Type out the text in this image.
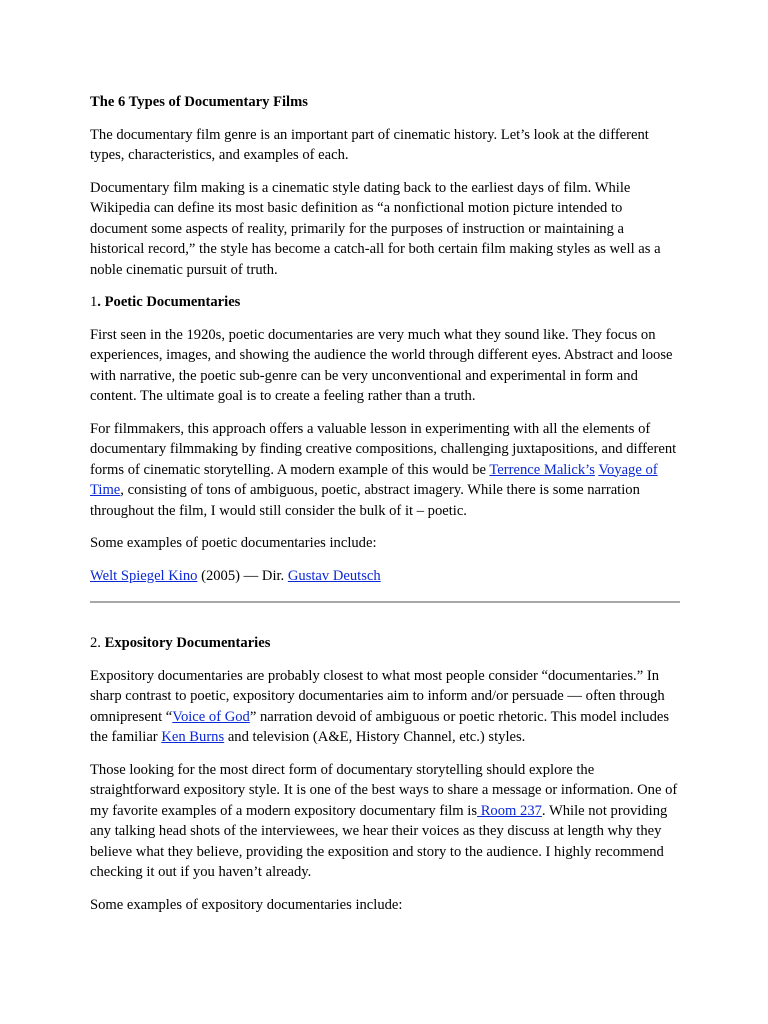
The 6 Types of Documentary Films

The documentary film genre is an important part of cinematic history. Let’s look at the different types, characteristics, and examples of each.

Documentary film making is a cinematic style dating back to the earliest days of film. While Wikipedia can define its most basic definition as “a nonfictional motion picture intended to document some aspects of reality, primarily for the purposes of instruction or maintaining a historical record,” the style has become a catch-all for both certain film making styles as well as a noble cinematic pursuit of truth.

1. Poetic Documentaries

First seen in the 1920s, poetic documentaries are very much what they sound like. They focus on experiences, images, and showing the audience the world through different eyes. Abstract and loose with narrative, the poetic sub-genre can be very unconventional and experimental in form and content. The ultimate goal is to create a feeling rather than a truth.

For filmmakers, this approach offers a valuable lesson in experimenting with all the elements of documentary filmmaking by finding creative compositions, challenging juxtapositions, and different forms of cinematic storytelling. A modern example of this would be Terrence Malick’s Voyage of Time, consisting of tons of ambiguous, poetic, abstract imagery. While there is some narration throughout the film, I would still consider the bulk of it – poetic.

Some examples of poetic documentaries include:

Welt Spiegel Kino (2005) — Dir. Gustav Deutsch

2. Expository Documentaries

Expository documentaries are probably closest to what most people consider “documentaries.” In sharp contrast to poetic, expository documentaries aim to inform and/or persuade — often through omnipresent “Voice of God” narration devoid of ambiguous or poetic rhetoric. This model includes the familiar Ken Burns and television (A&E, History Channel, etc.) styles.

Those looking for the most direct form of documentary storytelling should explore the straightforward expository style. It is one of the best ways to share a message or information. One of my favorite examples of a modern expository documentary film is Room 237. While not providing any talking head shots of the interviewees, we hear their voices as they discuss at length why they believe what they believe, providing the exposition and story to the audience. I highly recommend checking it out if you haven’t already.

Some examples of expository documentaries include:
